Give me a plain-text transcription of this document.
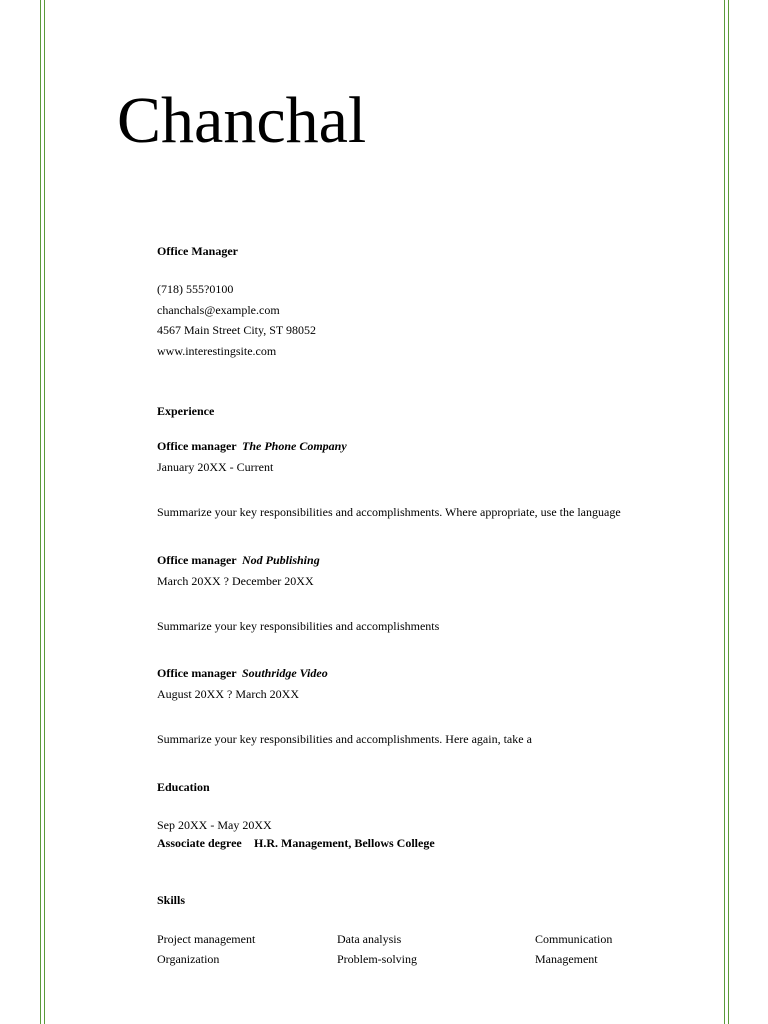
Chanchal
Office Manager
(718) 555?0100
chanchals@example.com
4567 Main Street City, ST 98052
www.interestingsite.com
Experience
Office manager The Phone Company
January 20XX - Current
Summarize your key responsibilities and accomplishments. Where appropriate, use the language
Office manager Nod Publishing
March 20XX ? December 20XX
Summarize your key responsibilities and accomplishments
Office manager Southridge Video
August 20XX ? March 20XX
Summarize your key responsibilities and accomplishments. Here again, take a
Education
Sep 20XX - May 20XX
Associate degree H.R. Management, Bellows College
Skills
Project management	Data analysis	Communication
Organization	Problem-solving	Management
